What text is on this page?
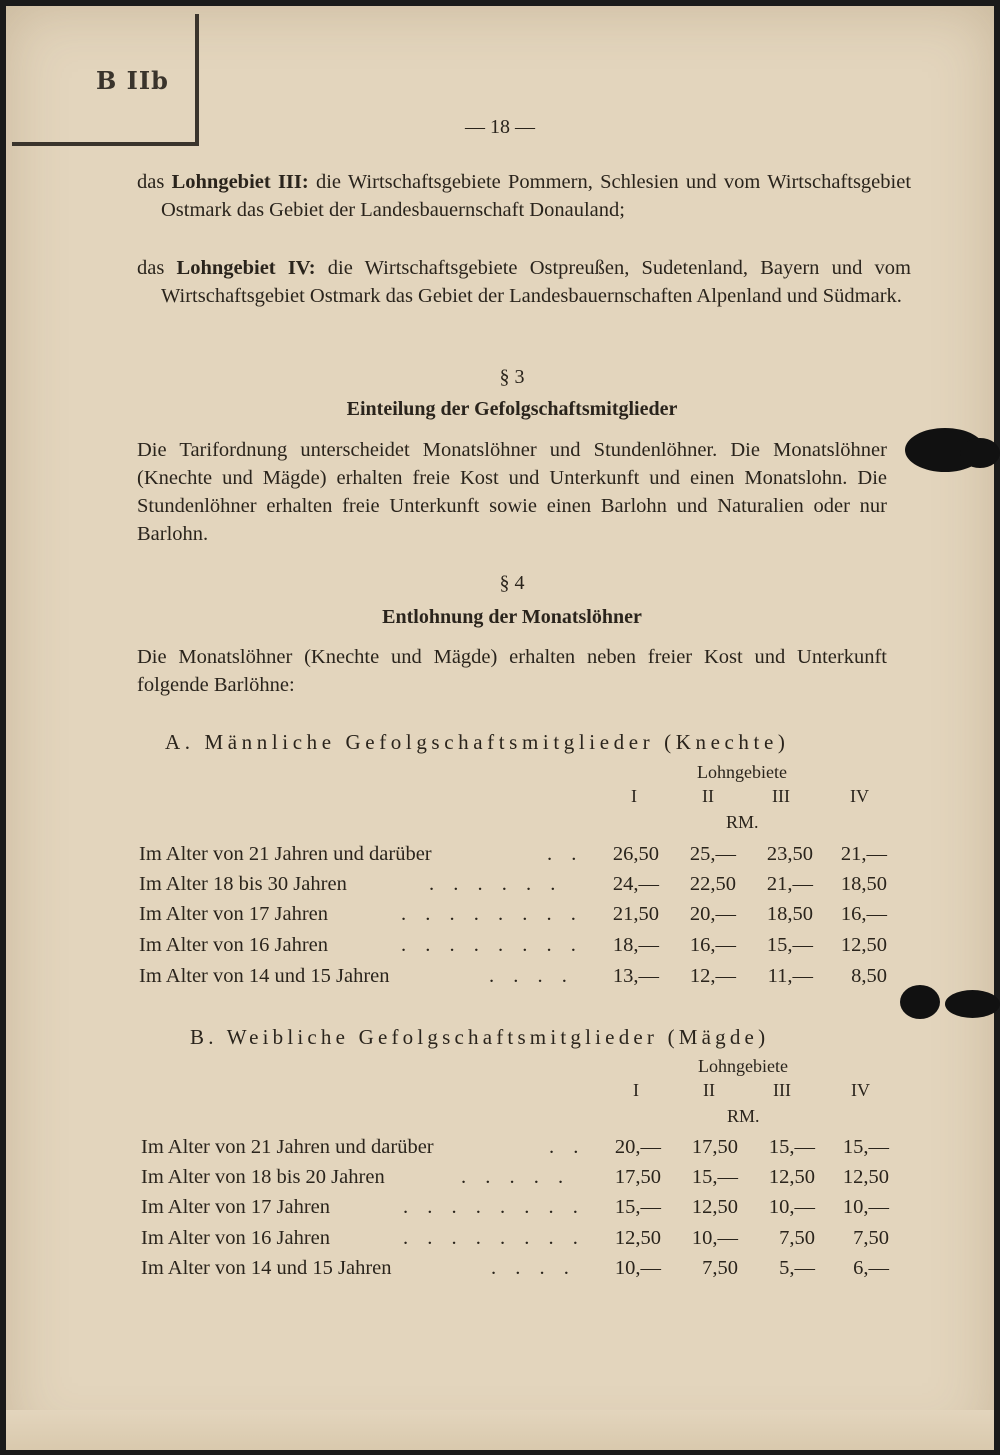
B IIb
— 18 —
das Lohngebiet III: die Wirtschaftsgebiete Pommern, Schlesien und vom Wirtschaftsgebiet Ostmark das Gebiet der Landesbauernschaft Donauland;
das Lohngebiet IV: die Wirtschaftsgebiete Ostpreußen, Sudetenland, Bayern und vom Wirtschaftsgebiet Ostmark das Gebiet der Landesbauernschaften Alpenland und Südmark.
§ 3
Einteilung der Gefolgschaftsmitglieder
Die Tarifordnung unterscheidet Monatslöhner und Stundenlöhner. Die Monatslöhner (Knechte und Mägde) erhalten freie Kost und Unterkunft und einen Monatslohn. Die Stundenlöhner erhalten freie Unterkunft sowie einen Barlohn und Naturalien oder nur Barlohn.
§ 4
Entlohnung der Monatslöhner
Die Monatslöhner (Knechte und Mägde) erhalten neben freier Kost und Unterkunft folgende Barlöhne:
A. Männliche Gefolgschaftsmitglieder (Knechte)
Lohngebiete
I	II	III	IV
RM.
Im Alter von 21 Jahren und darüber	. .	26,50	25,—	23,50	21,—
Im Alter 18 bis 30 Jahren	. . . . . .	24,—	22,50	21,—	18,50
Im Alter von 17 Jahren	. . . . . . . .	21,50	20,—	18,50	16,—
Im Alter von 16 Jahren	. . . . . . . .	18,—	16,—	15,—	12,50
Im Alter von 14 und 15 Jahren	. . . .	13,—	12,—	11,—	8,50
B. Weibliche Gefolgschaftsmitglieder (Mägde)
Lohngebiete
I	II	III	IV
RM.
Im Alter von 21 Jahren und darüber	. .	20,—	17,50	15,—	15,—
Im Alter von 18 bis 20 Jahren	. . . . .	17,50	15,—	12,50	12,50
Im Alter von 17 Jahren	. . . . . . . .	15,—	12,50	10,—	10,—
Im Alter von 16 Jahren	. . . . . . . .	12,50	10,—	7,50	7,50
Im Alter von 14 und 15 Jahren	. . . .	10,—	7,50	5,—	6,—
